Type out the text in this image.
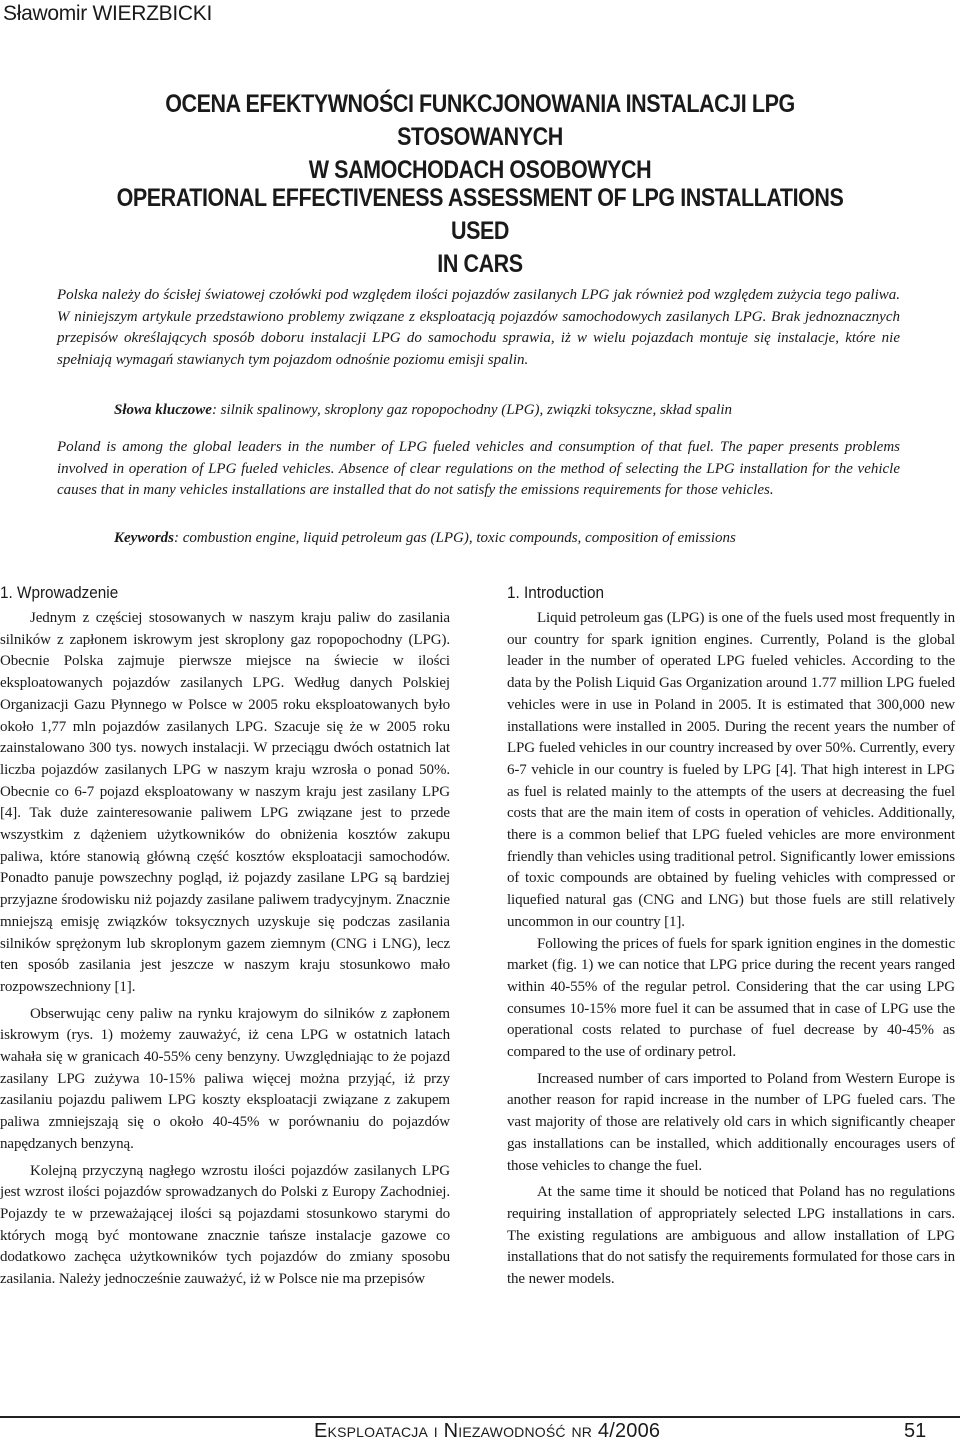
Sławomir WIERZBICKI
OCENA EFEKTYWNOŚCI FUNKCJONOWANIA INSTALACJI LPG STOSOWANYCH
W SAMOCHODACH OSOBOWYCH
OPERATIONAL EFFECTIVENESS ASSESSMENT OF LPG INSTALLATIONS USED
IN CARS

Polska należy do ścisłej światowej czołówki pod względem ilości pojazdów zasilanych LPG jak również pod względem zużycia tego paliwa. W niniejszym artykule przedstawiono problemy związane z eksploatacją pojazdów samochodowych zasilanych LPG. Brak jednoznacznych przepisów określających sposób doboru instalacji LPG do samochodu sprawia, iż w wielu pojazdach montuje się instalacje, które nie spełniają wymagań stawianych tym pojazdom odnośnie poziomu emisji spalin.

Słowa kluczowe: silnik spalinowy, skroplony gaz ropopochodny (LPG), związki toksyczne, skład spalin

Poland is among the global leaders in the number of LPG fueled vehicles and consumption of that fuel. The paper presents problems involved in operation of LPG fueled vehicles. Absence of clear regulations on the method of selecting the LPG installation for the vehicle causes that in many vehicles installations are installed that do not satisfy the emissions requirements for those vehicles.

Keywords: combustion engine, liquid petroleum gas (LPG), toxic compounds, composition of emissions

1. Wprowadzenie

Jednym z częściej stosowanych w naszym kraju paliw do zasilania silników z zapłonem iskrowym jest skroplony gaz ropopochodny (LPG). Obecnie Polska zajmuje pierwsze miejsce na świecie w ilości eksploatowanych pojazdów zasilanych LPG. Według danych Polskiej Organizacji Gazu Płynnego w Polsce w 2005 roku eksploatowanych było około 1,77 mln pojazdów zasilanych LPG. Szacuje się że w 2005 roku zainstalowano 300 tys. nowych instalacji. W przeciągu dwóch ostatnich lat liczba pojazdów zasilanych LPG w naszym kraju wzrosła o ponad 50%. Obecnie co 6-7 pojazd eksploatowany w naszym kraju jest zasilany LPG [4]. Tak duże zainteresowanie paliwem LPG związane jest to przede wszystkim z dążeniem użytkowników do obniżenia kosztów zakupu paliwa, które stanowią główną część kosztów eksploatacji samochodów. Ponadto panuje powszechny pogląd, iż pojazdy zasilane LPG są bardziej przyjazne środowisku niż pojazdy zasilane paliwem tradycyjnym. Znacznie mniejszą emisję związków toksycznych uzyskuje się podczas zasilania silników sprężonym lub skroplonym gazem ziemnym (CNG i LNG), lecz ten sposób zasilania jest jeszcze w naszym kraju stosunkowo mało rozpowszechniony [1].

Obserwując ceny paliw na rynku krajowym do silników z zapłonem iskrowym (rys. 1) możemy zauważyć, iż cena LPG w ostatnich latach wahała się w granicach 40-55% ceny benzyny. Uwzględniając to że pojazd zasilany LPG zużywa 10-15% paliwa więcej można przyjąć, iż przy zasilaniu pojazdu paliwem LPG koszty eksploatacji związane z zakupem paliwa zmniejszają się o około 40-45% w porównaniu do pojazdów napędzanych benzyną.

Kolejną przyczyną nagłego wzrostu ilości pojazdów zasilanych LPG jest wzrost ilości pojazdów sprowadzanych do Polski z Europy Zachodniej. Pojazdy te w przeważającej ilości są pojazdami stosunkowo starymi do których mogą być montowane znacznie tańsze instalacje gazowe co dodatkowo zachęca użytkowników tych pojazdów do zmiany sposobu zasilania. Należy jednocześnie zauważyć, iż w Polsce nie ma przepisów

1. Introduction

Liquid petroleum gas (LPG) is one of the fuels used most frequently in our country for spark ignition engines. Currently, Poland is the global leader in the number of operated LPG fueled vehicles. According to the data by the Polish Liquid Gas Organization around 1.77 million LPG fueled vehicles were in use in Poland in 2005. It is estimated that 300,000 new installations were installed in 2005. During the recent years the number of LPG fueled vehicles in our country increased by over 50%. Currently, every 6-7 vehicle in our country is fueled by LPG [4]. That high interest in LPG as fuel is related mainly to the attempts of the users at decreasing the fuel costs that are the main item of costs in operation of vehicles. Additionally, there is a common belief that LPG fueled vehicles are more environment friendly than vehicles using traditional petrol. Significantly lower emissions of toxic compounds are obtained by fueling vehicles with compressed or liquefied natural gas (CNG and LNG) but those fuels are still relatively uncommon in our country [1].

Following the prices of fuels for spark ignition engines in the domestic market (fig. 1) we can notice that LPG price during the recent years ranged within 40-55% of the regular petrol. Considering that the car using LPG consumes 10-15% more fuel it can be assumed that in case of LPG use the operational costs related to purchase of fuel decrease by 40-45% as compared to the use of ordinary petrol.

Increased number of cars imported to Poland from Western Europe is another reason for rapid increase in the number of LPG fueled cars. The vast majority of those are relatively old cars in which significantly cheaper gas installations can be installed, which additionally encourages users of those vehicles to change the fuel.

At the same time it should be noticed that Poland has no regulations requiring installation of appropriately selected LPG installations in cars. The existing regulations are ambiguous and allow installation of LPG installations that do not satisfy the requirements formulated for those cars in the newer models.

Eksploatacja i Niezawodność nr 4/2006	51
